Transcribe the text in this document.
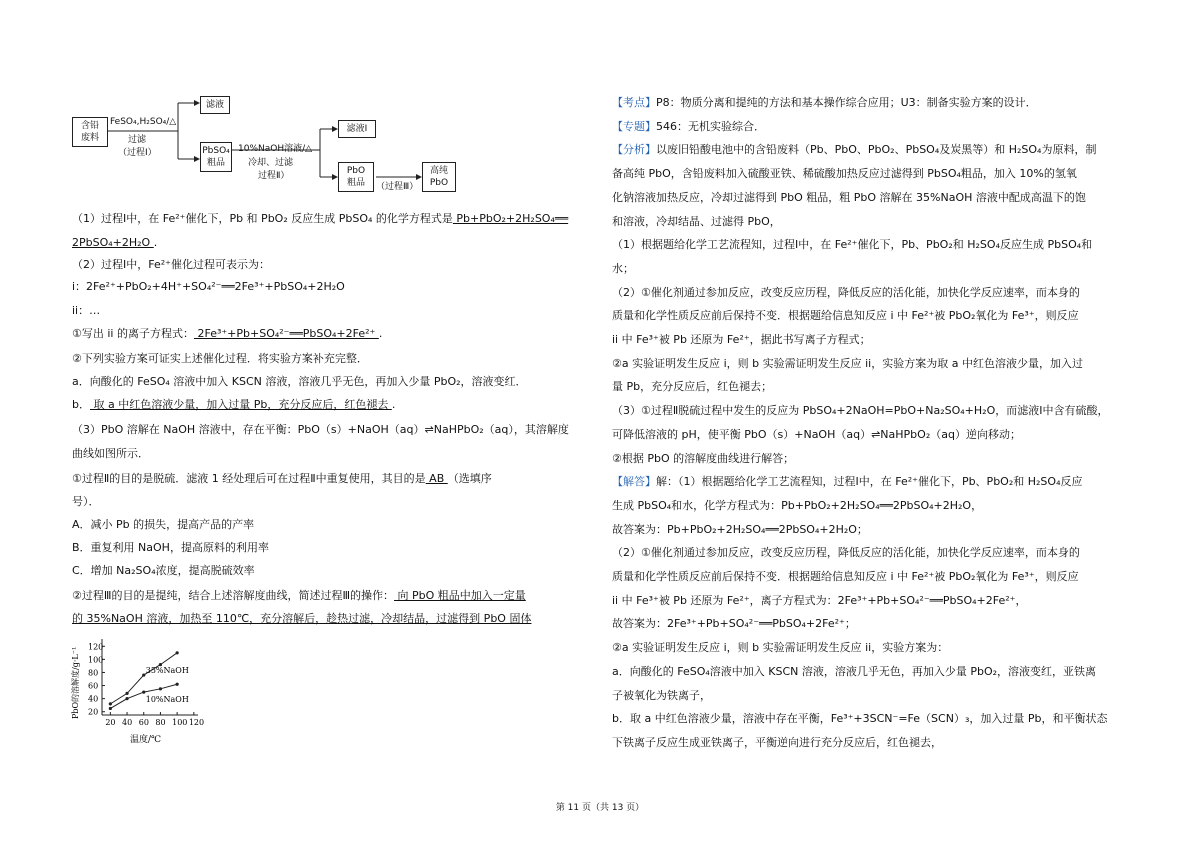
含铅
废料
FeSO₄,H₂SO₄/△
过滤
（过程Ⅰ）
滤液
PbSO₄
粗品
10%NaOH溶液/△
冷却、过滤
过程Ⅱ）
滤液Ⅰ
PbO
粗品	（过程Ⅲ）
高纯
PbO
（1）过程Ⅰ中，在 Fe²⁺催化下，Pb 和 PbO₂ 反应生成 PbSO₄ 的化学方程式是 Pb+PbO₂+2H₂SO₄══
2PbSO₄+2H₂O .
（2）过程Ⅰ中，Fe²⁺催化过程可表示为：
i：2Fe²⁺+PbO₂+4H⁺+SO₄²⁻══2Fe³⁺+PbSO₄+2H₂O
ii：…
①写出 ii 的离子方程式： 2Fe³⁺+Pb+SO₄²⁻══PbSO₄+2Fe²⁺ .
②下列实验方案可证实上述催化过程．将实验方案补充完整．
a．向酸化的 FeSO₄ 溶液中加入 KSCN 溶液，溶液几乎无色，再加入少量 PbO₂，溶液变红．
b． 取 a 中红色溶液少量，加入过量 Pb，充分反应后，红色褪去 .
（3）PbO 溶解在 NaOH 溶液中，存在平衡：PbO（s）+NaOH（aq）⇌NaHPbO₂（aq），其溶解度
曲线如图所示．
①过程Ⅱ的目的是脱硫．滤液 1 经处理后可在过程Ⅱ中重复使用，其目的是 AB （选填序
号）．
A．减小 Pb 的损失，提高产品的产率
B．重复利用 NaOH，提高原料的利用率
C．增加 Na₂SO₄浓度，提高脱硫效率
②过程Ⅲ的目的是提纯，结合上述溶解度曲线，简述过程Ⅲ的操作： 向 PbO 粗品中加入一定量
的 35%NaOH 溶液，加热至 110℃，充分溶解后，趁热过滤，冷却结晶，过滤得到 PbO 固体
PbO的溶解度/g·L⁻¹
温度/℃
20 40 60 80 100 120
20
40
60
80
100
120
35%NaOH
10%NaOH
【考点】P8：物质分离和提纯的方法和基本操作综合应用；U3：制备实验方案的设计．
【专题】546：无机实验综合．
【分析】以废旧铅酸电池中的含铅废料（Pb、PbO、PbO₂、PbSO₄及炭黑等）和 H₂SO₄为原料，制
备高纯 PbO，含铅废料加入硫酸亚铁、稀硫酸加热反应过滤得到 PbSO₄粗品，加入 10%的氢氧
化钠溶液加热反应，冷却过滤得到 PbO 粗品，粗 PbO 溶解在 35%NaOH 溶液中配成高温下的饱
和溶液，冷却结晶、过滤得 PbO，
（1）根据题给化学工艺流程知，过程Ⅰ中，在 Fe²⁺催化下，Pb、PbO₂和 H₂SO₄反应生成 PbSO₄和
水；
（2）①催化剂通过参加反应，改变反应历程，降低反应的活化能，加快化学反应速率，而本身的
质量和化学性质反应前后保持不变．根据题给信息知反应 i 中 Fe²⁺被 PbO₂氧化为 Fe³⁺，则反应
ii 中 Fe³⁺被 Pb 还原为 Fe²⁺，据此书写离子方程式；
②a 实验证明发生反应 i，则 b 实验需证明发生反应 ii，实验方案为取 a 中红色溶液少量，加入过
量 Pb，充分反应后，红色褪去；
（3）①过程Ⅱ脱硫过程中发生的反应为 PbSO₄+2NaOH=PbO+Na₂SO₄+H₂O，而滤液Ⅰ中含有硫酸，
可降低溶液的 pH，使平衡 PbO（s）+NaOH（aq）⇌NaHPbO₂（aq）逆向移动；
②根据 PbO 的溶解度曲线进行解答；
【解答】解：（1）根据题给化学工艺流程知，过程Ⅰ中，在 Fe²⁺催化下，Pb、PbO₂和 H₂SO₄反应
生成 PbSO₄和水，化学方程式为：Pb+PbO₂+2H₂SO₄══2PbSO₄+2H₂O，
故答案为：Pb+PbO₂+2H₂SO₄══2PbSO₄+2H₂O；
（2）①催化剂通过参加反应，改变反应历程，降低反应的活化能，加快化学反应速率，而本身的
质量和化学性质反应前后保持不变．根据题给信息知反应 i 中 Fe²⁺被 PbO₂氧化为 Fe³⁺，则反应
ii 中 Fe³⁺被 Pb 还原为 Fe²⁺，离子方程式为：2Fe³⁺+Pb+SO₄²⁻══PbSO₄+2Fe²⁺，
故答案为：2Fe³⁺+Pb+SO₄²⁻══PbSO₄+2Fe²⁺；
②a 实验证明发生反应 i，则 b 实验需证明发生反应 ii，实验方案为：
a．向酸化的 FeSO₄溶液中加入 KSCN 溶液，溶液几乎无色，再加入少量 PbO₂，溶液变红，亚铁离
子被氧化为铁离子，
b．取 a 中红色溶液少量，溶液中存在平衡，Fe³⁺+3SCN⁻=Fe（SCN）₃，加入过量 Pb，和平衡状态
下铁离子反应生成亚铁离子，平衡逆向进行充分反应后，红色褪去，
第 11 页（共 13 页）
